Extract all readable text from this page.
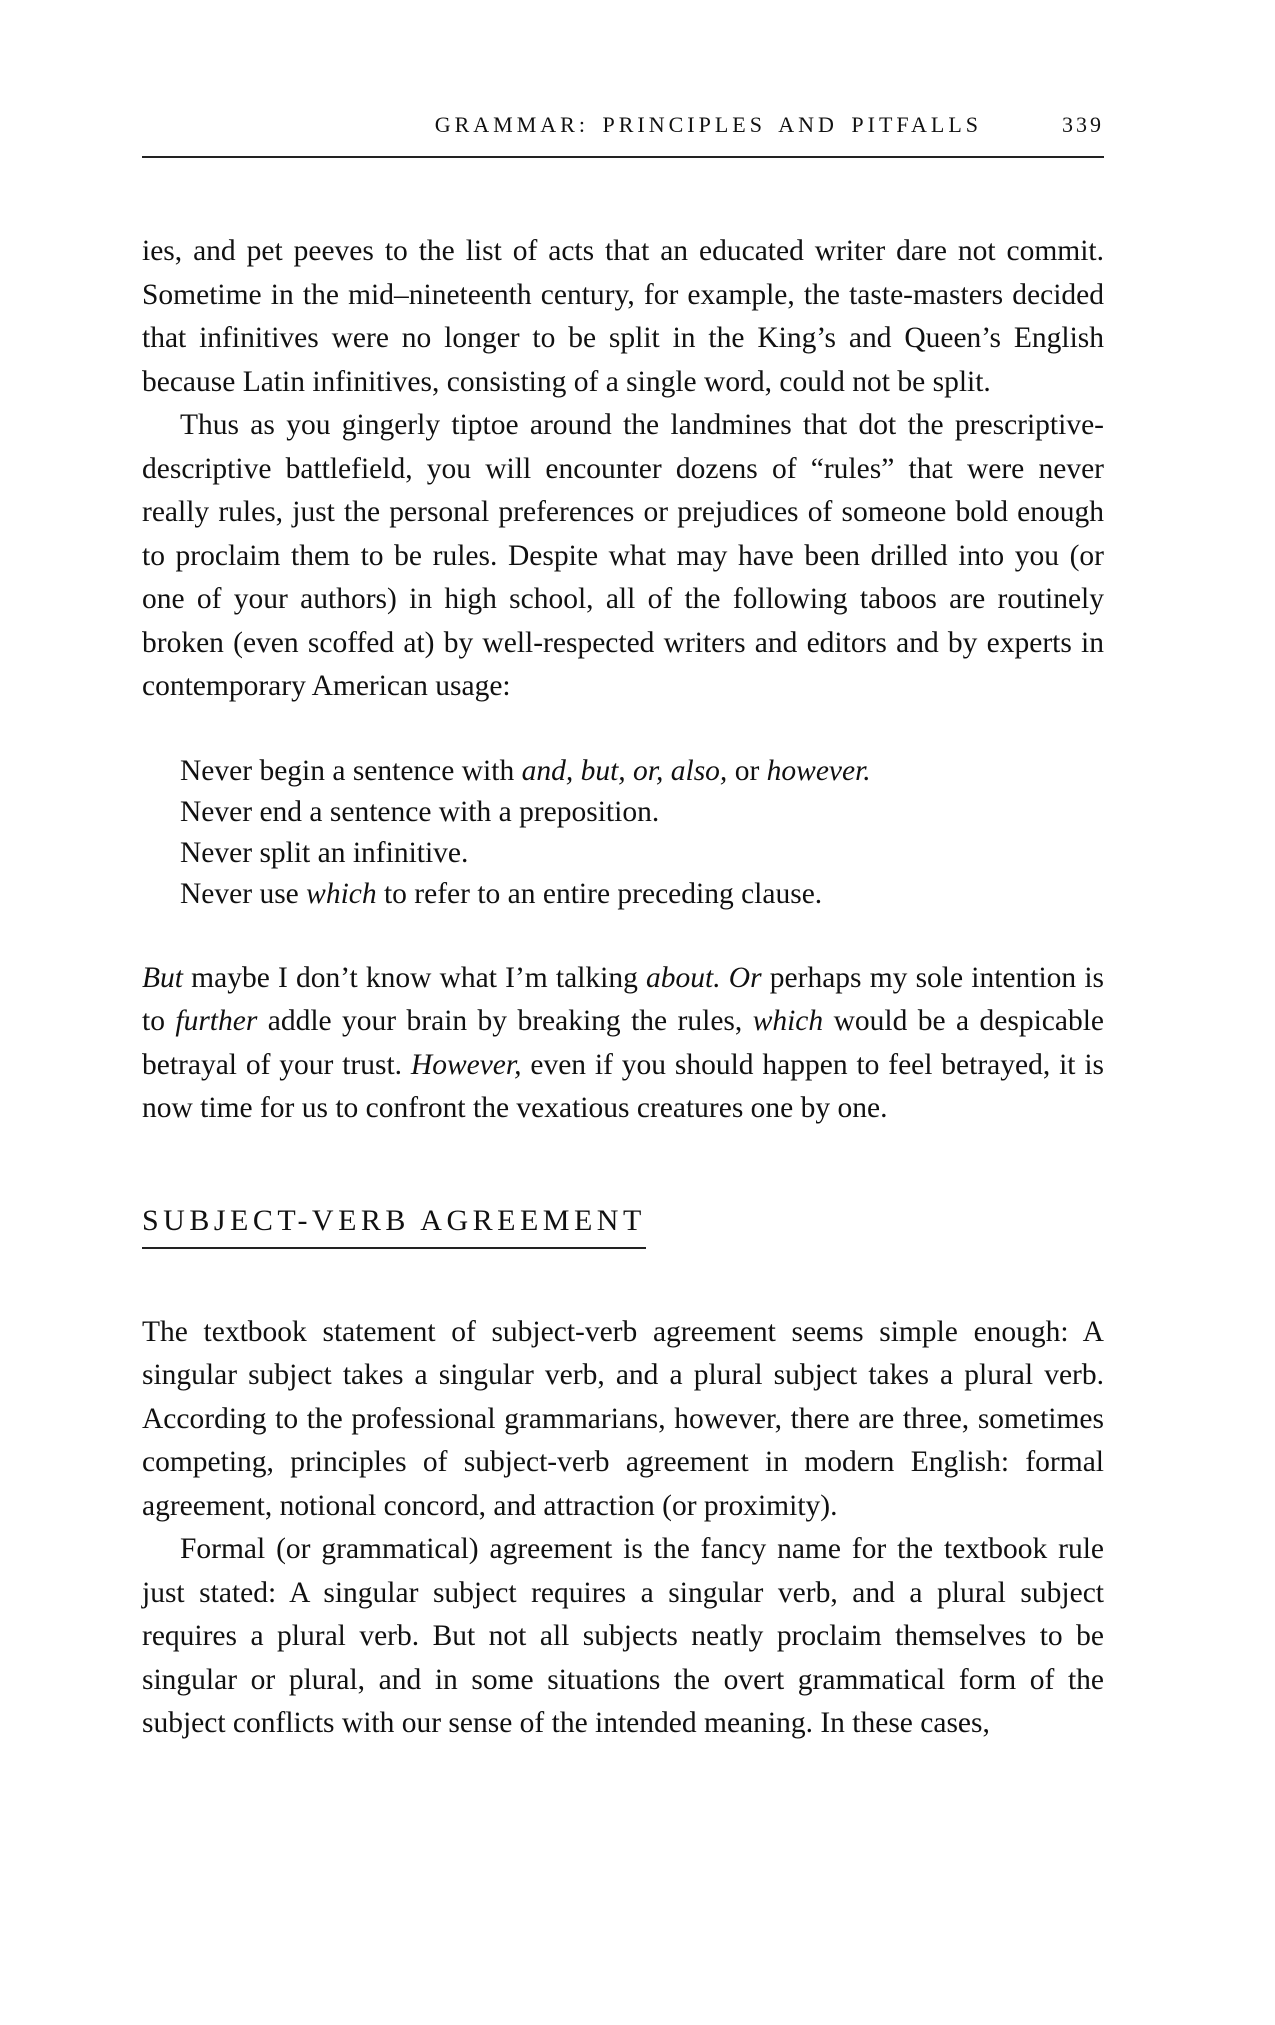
GRAMMAR: PRINCIPLES AND PITFALLS	339

ies, and pet peeves to the list of acts that an educated writer dare not commit. Sometime in the mid–nineteenth century, for example, the taste-masters decided that infinitives were no longer to be split in the King’s and Queen’s English because Latin infinitives, consisting of a single word, could not be split.

Thus as you gingerly tiptoe around the landmines that dot the prescriptive-descriptive battlefield, you will encounter dozens of “rules” that were never really rules, just the personal preferences or prejudices of someone bold enough to proclaim them to be rules. Despite what may have been drilled into you (or one of your authors) in high school, all of the following taboos are routinely broken (even scoffed at) by well-respected writers and editors and by experts in contemporary American usage:

Never begin a sentence with and, but, or, also, or however.
Never end a sentence with a preposition.
Never split an infinitive.
Never use which to refer to an entire preceding clause.

But maybe I don’t know what I’m talking about. Or perhaps my sole intention is to further addle your brain by breaking the rules, which would be a despicable betrayal of your trust. However, even if you should happen to feel betrayed, it is now time for us to confront the vexatious creatures one by one.

SUBJECT-VERB AGREEMENT

The textbook statement of subject-verb agreement seems simple enough: A singular subject takes a singular verb, and a plural subject takes a plural verb. According to the professional grammarians, however, there are three, sometimes competing, principles of subject-verb agreement in modern English: formal agreement, notional concord, and attraction (or proximity).

Formal (or grammatical) agreement is the fancy name for the textbook rule just stated: A singular subject requires a singular verb, and a plural subject requires a plural verb. But not all subjects neatly proclaim themselves to be singular or plural, and in some situations the overt grammatical form of the subject conflicts with our sense of the intended meaning. In these cases,
